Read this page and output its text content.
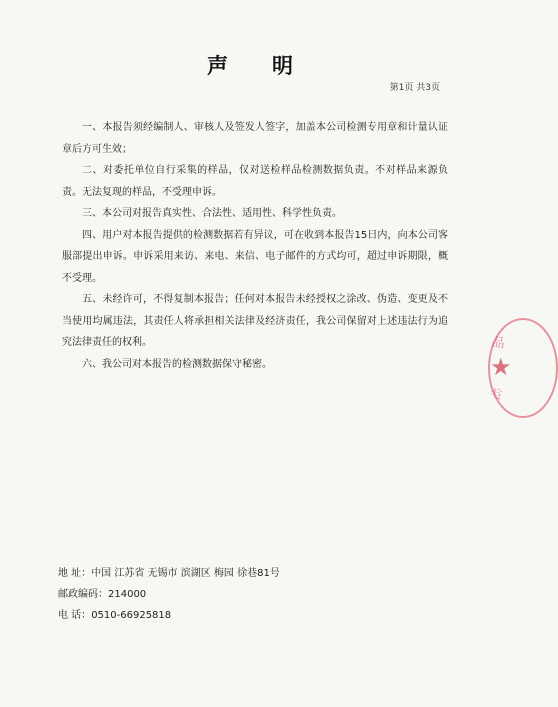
声明
第1页 共3页

一、本报告须经编制人、审核人及签发人签字，加盖本公司检测专用章和计量认证章后方可生效；

二、对委托单位自行采集的样品，仅对送检样品检测数据负责。不对样品来源负责。无法复现的样品，不受理申诉。

三、本公司对报告真实性、合法性、适用性、科学性负责。

四、用户对本报告提供的检测数据若有异议，可在收到本报告15日内，向本公司客服部提出申诉。申诉采用来访、来电、来信、电子邮件的方式均可，超过申诉期限，概不受理。

五、未经许可，不得复制本报告；任何对本报告未经授权之涂改、伪造、变更及不当使用均属违法，其责任人将承担相关法律及经济责任，我公司保留对上述违法行为追究法律责任的权利。

六、我公司对本报告的检测数据保守秘密。

地 址： 中国 江苏省 无锡市 滨湖区 梅园 徐巷81号
邮政编码： 214000
电 话： 0510-66925818
品
★
专
